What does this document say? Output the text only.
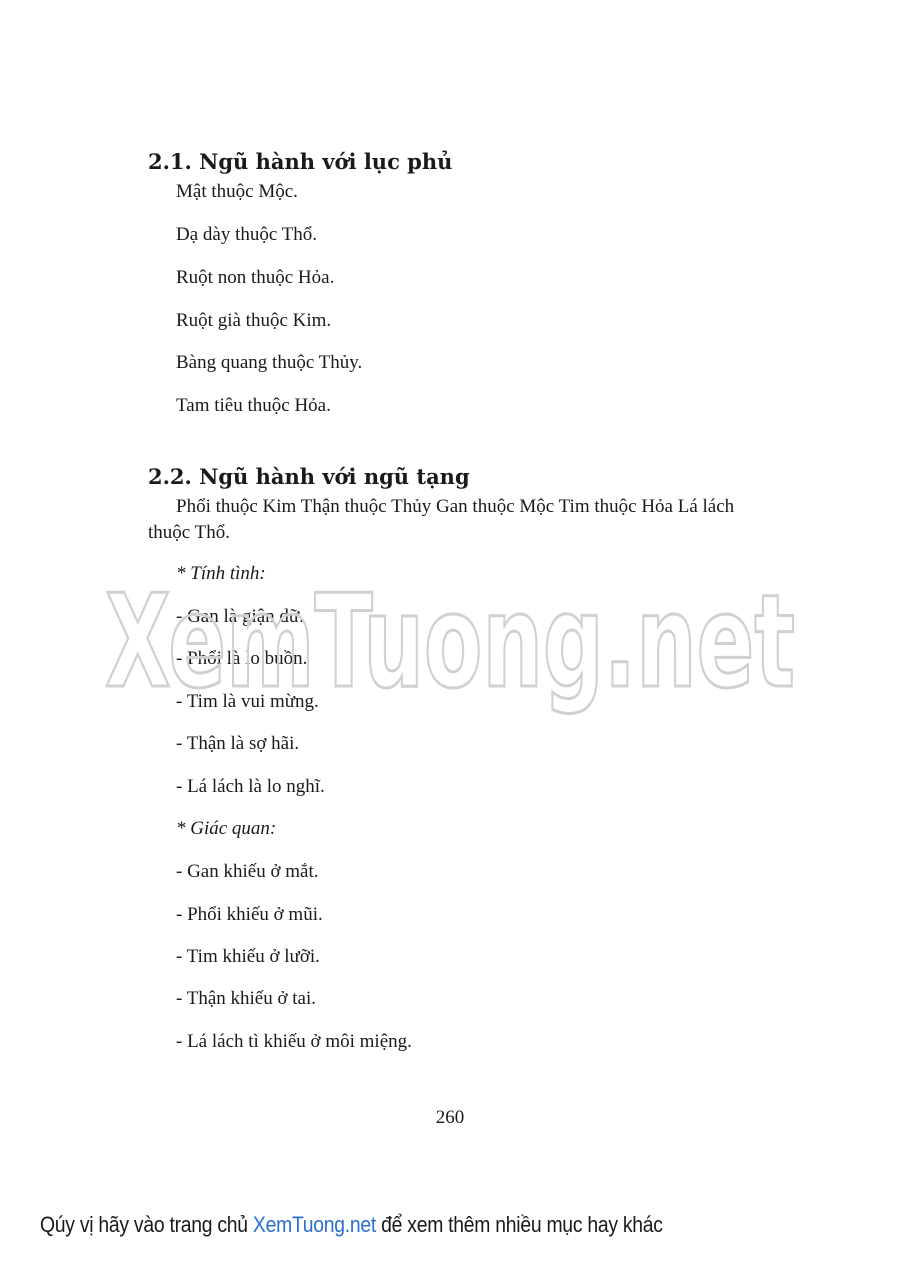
2.1. Ngũ hành với lục phủ

Mật thuộc Mộc.

Dạ dày thuộc Thổ.

Ruột non thuộc Hỏa.

Ruột già thuộc Kim.

Bàng quang thuộc Thủy.

Tam tiêu thuộc Hỏa.

2.2. Ngũ hành với ngũ tạng

Phổi thuộc Kim Thận thuộc Thủy Gan thuộc Mộc Tim thuộc Hỏa Lá lách thuộc Thổ.

* Tính tình:

- Gan là giận dữ.

- Phổi là lo buồn.

- Tim là vui mừng.

- Thận là sợ hãi.

- Lá lách là lo nghĩ.

* Giác quan:

- Gan khiếu ở mắt.

- Phổi khiếu ở mũi.

- Tim khiếu ở lưỡi.

- Thận khiếu ở tai.

- Lá lách tì khiếu ở môi miệng.

XemTuong.net
260
Qúy vị hãy vào trang chủ XemTuong.net để xem thêm nhiều mục hay khác
